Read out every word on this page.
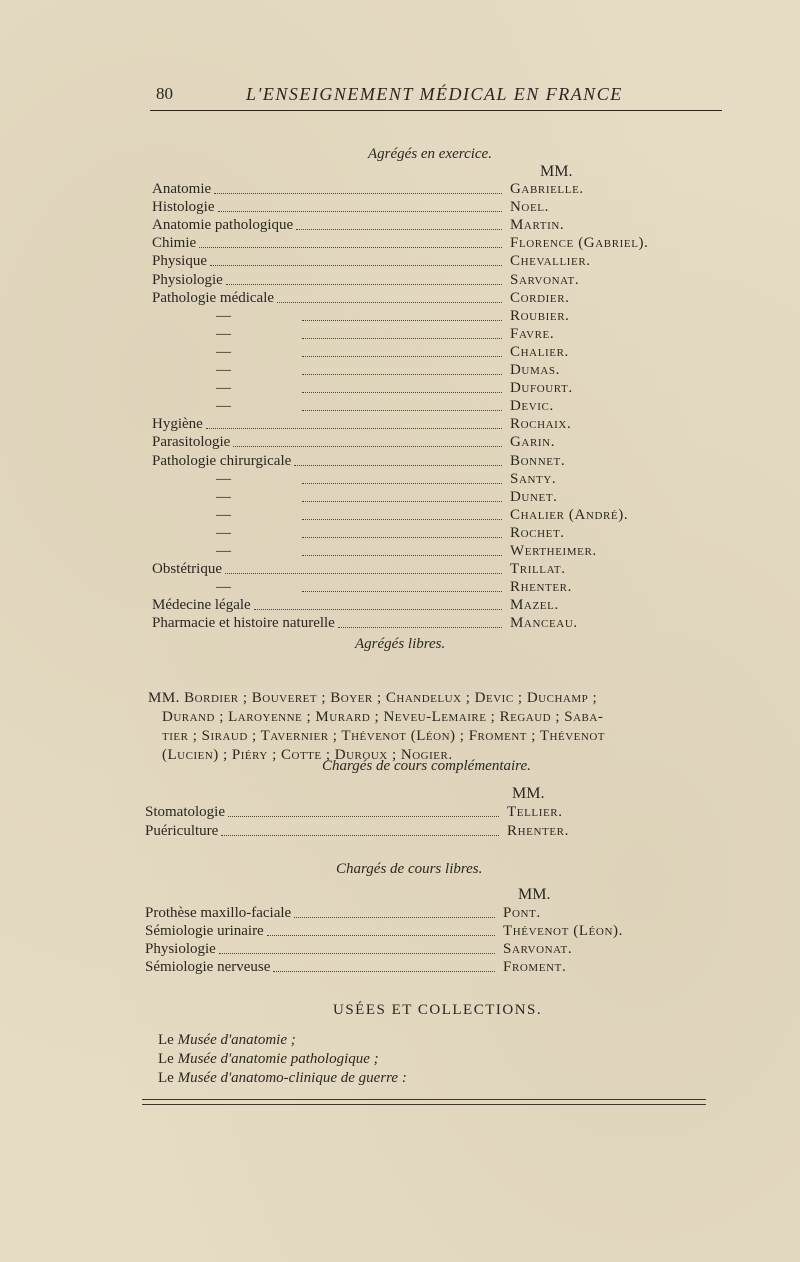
80	L'ENSEIGNEMENT MÉDICAL EN FRANCE
Agrégés en exercice.
MM.
Anatomie	Gabrielle.
Histologie	Noel.
Anatomie pathologique	Martin.
Chimie	Florence (Gabriel).
Physique	Chevallier.
Physiologie	Sarvonat.
Pathologie médicale	Cordier.
—	Roubier.
—	Favre.
—	Chalier.
—	Dumas.
—	Dufourt.
—	Devic.
Hygiène	Rochaix.
Parasitologie	Garin.
Pathologie chirurgicale	Bonnet.
—	Santy.
—	Dunet.
—	Chalier (André).
—	Rochet.
—	Wertheimer.
Obstétrique	Trillat.
—	Rhenter.
Médecine légale	Mazel.
Pharmacie et histoire naturelle	Manceau.
Agrégés libres.
MM. Bordier ; Bouveret ; Boyer ; Chandelux ; Devic ; Duchamp ;
Durand ; Laroyenne ; Murard ; Neveu-Lemaire ; Regaud ; Saba-
tier ; Siraud ; Tavernier ; Thévenot (Léon) ; Froment ; Thévenot
(Lucien) ; Piéry ; Cotte ; Duroux ; Nogier.
Chargés de cours complémentaire.
MM.
Stomatologie	Tellier.
Puériculture	Rhenter.
Chargés de cours libres.
MM.
Prothèse maxillo-faciale	Pont.
Sémiologie urinaire	Thévenot (Léon).
Physiologie	Sarvonat.
Sémiologie nerveuse	Froment.
USÉES ET COLLECTIONS.
Le Musée d'anatomie ;
Le Musée d'anatomie pathologique ;
Le Musée d'anatomo-clinique de guerre :
